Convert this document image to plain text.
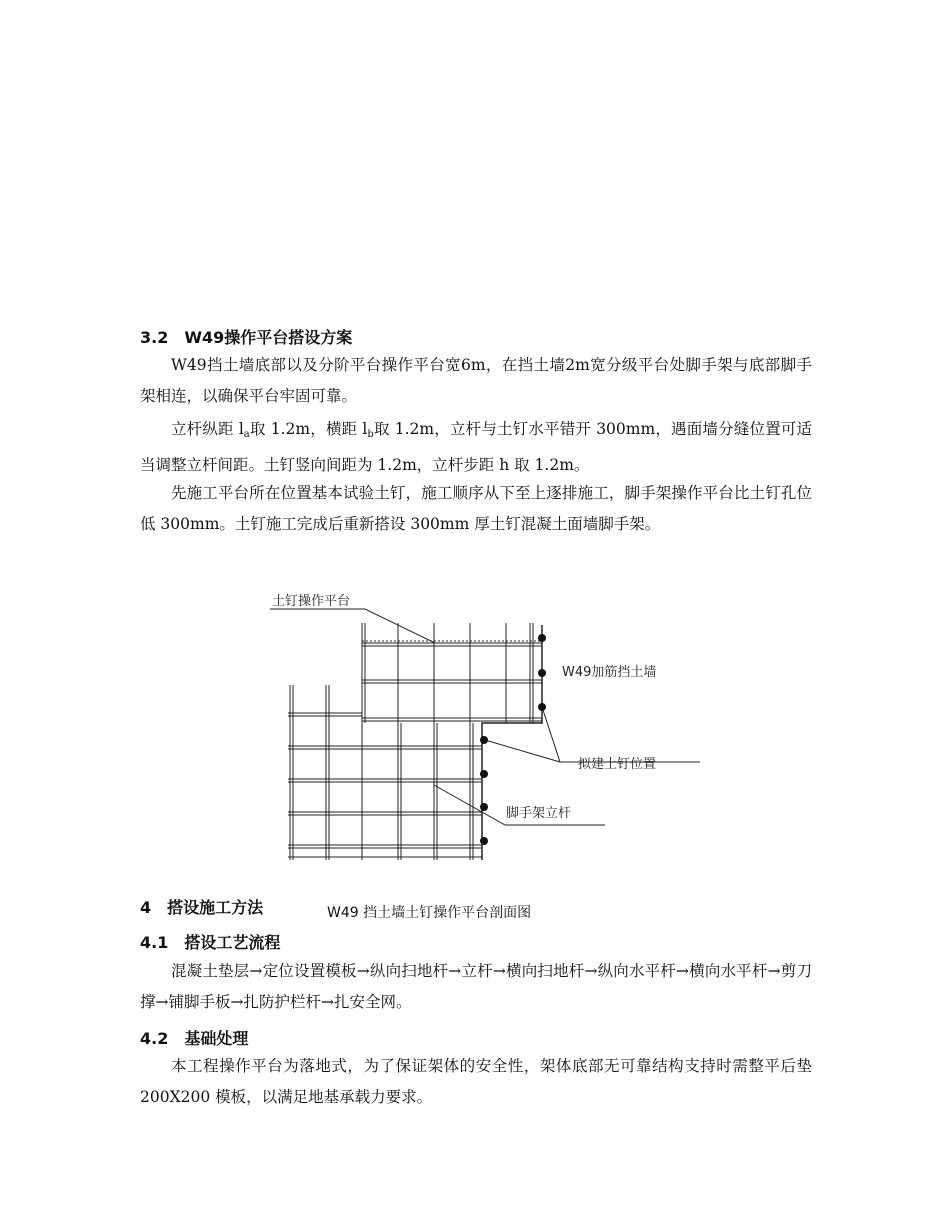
3.2 W49操作平台搭设方案

W49挡土墙底部以及分阶平台操作平台宽6m，在挡土墙2m宽分级平台处脚手架与底部脚手架相连，以确保平台牢固可靠。

立杆纵距 $l_a$取 1.2m，横距 $l_b$取 1.2m，立杆与土钉水平错开 300mm，遇面墙分缝位置可适当调整立杆间距。土钉竖向间距为 1.2m，立杆步距 h 取 1.2m。

先施工平台所在位置基本试验土钉，施工顺序从下至上逐排施工，脚手架操作平台比土钉孔位低 300mm。土钉施工完成后重新搭设 300mm 厚土钉混凝土面墙脚手架。

土钉操作平台
W49加筋挡土墙
拟建土钉位置
脚手架立杆
4 搭设施工方法	W49 挡土墙土钉操作平台剖面图
4.1 搭设工艺流程

混凝土垫层→定位设置模板→纵向扫地杆→立杆→横向扫地杆→纵向水平杆→横向水平杆→剪刀撑→铺脚手板→扎防护栏杆→扎安全网。

4.2 基础处理

本工程操作平台为落地式，为了保证架体的安全性，架体底部无可靠结构支持时需整平后垫 200X200 模板，以满足地基承载力要求。
